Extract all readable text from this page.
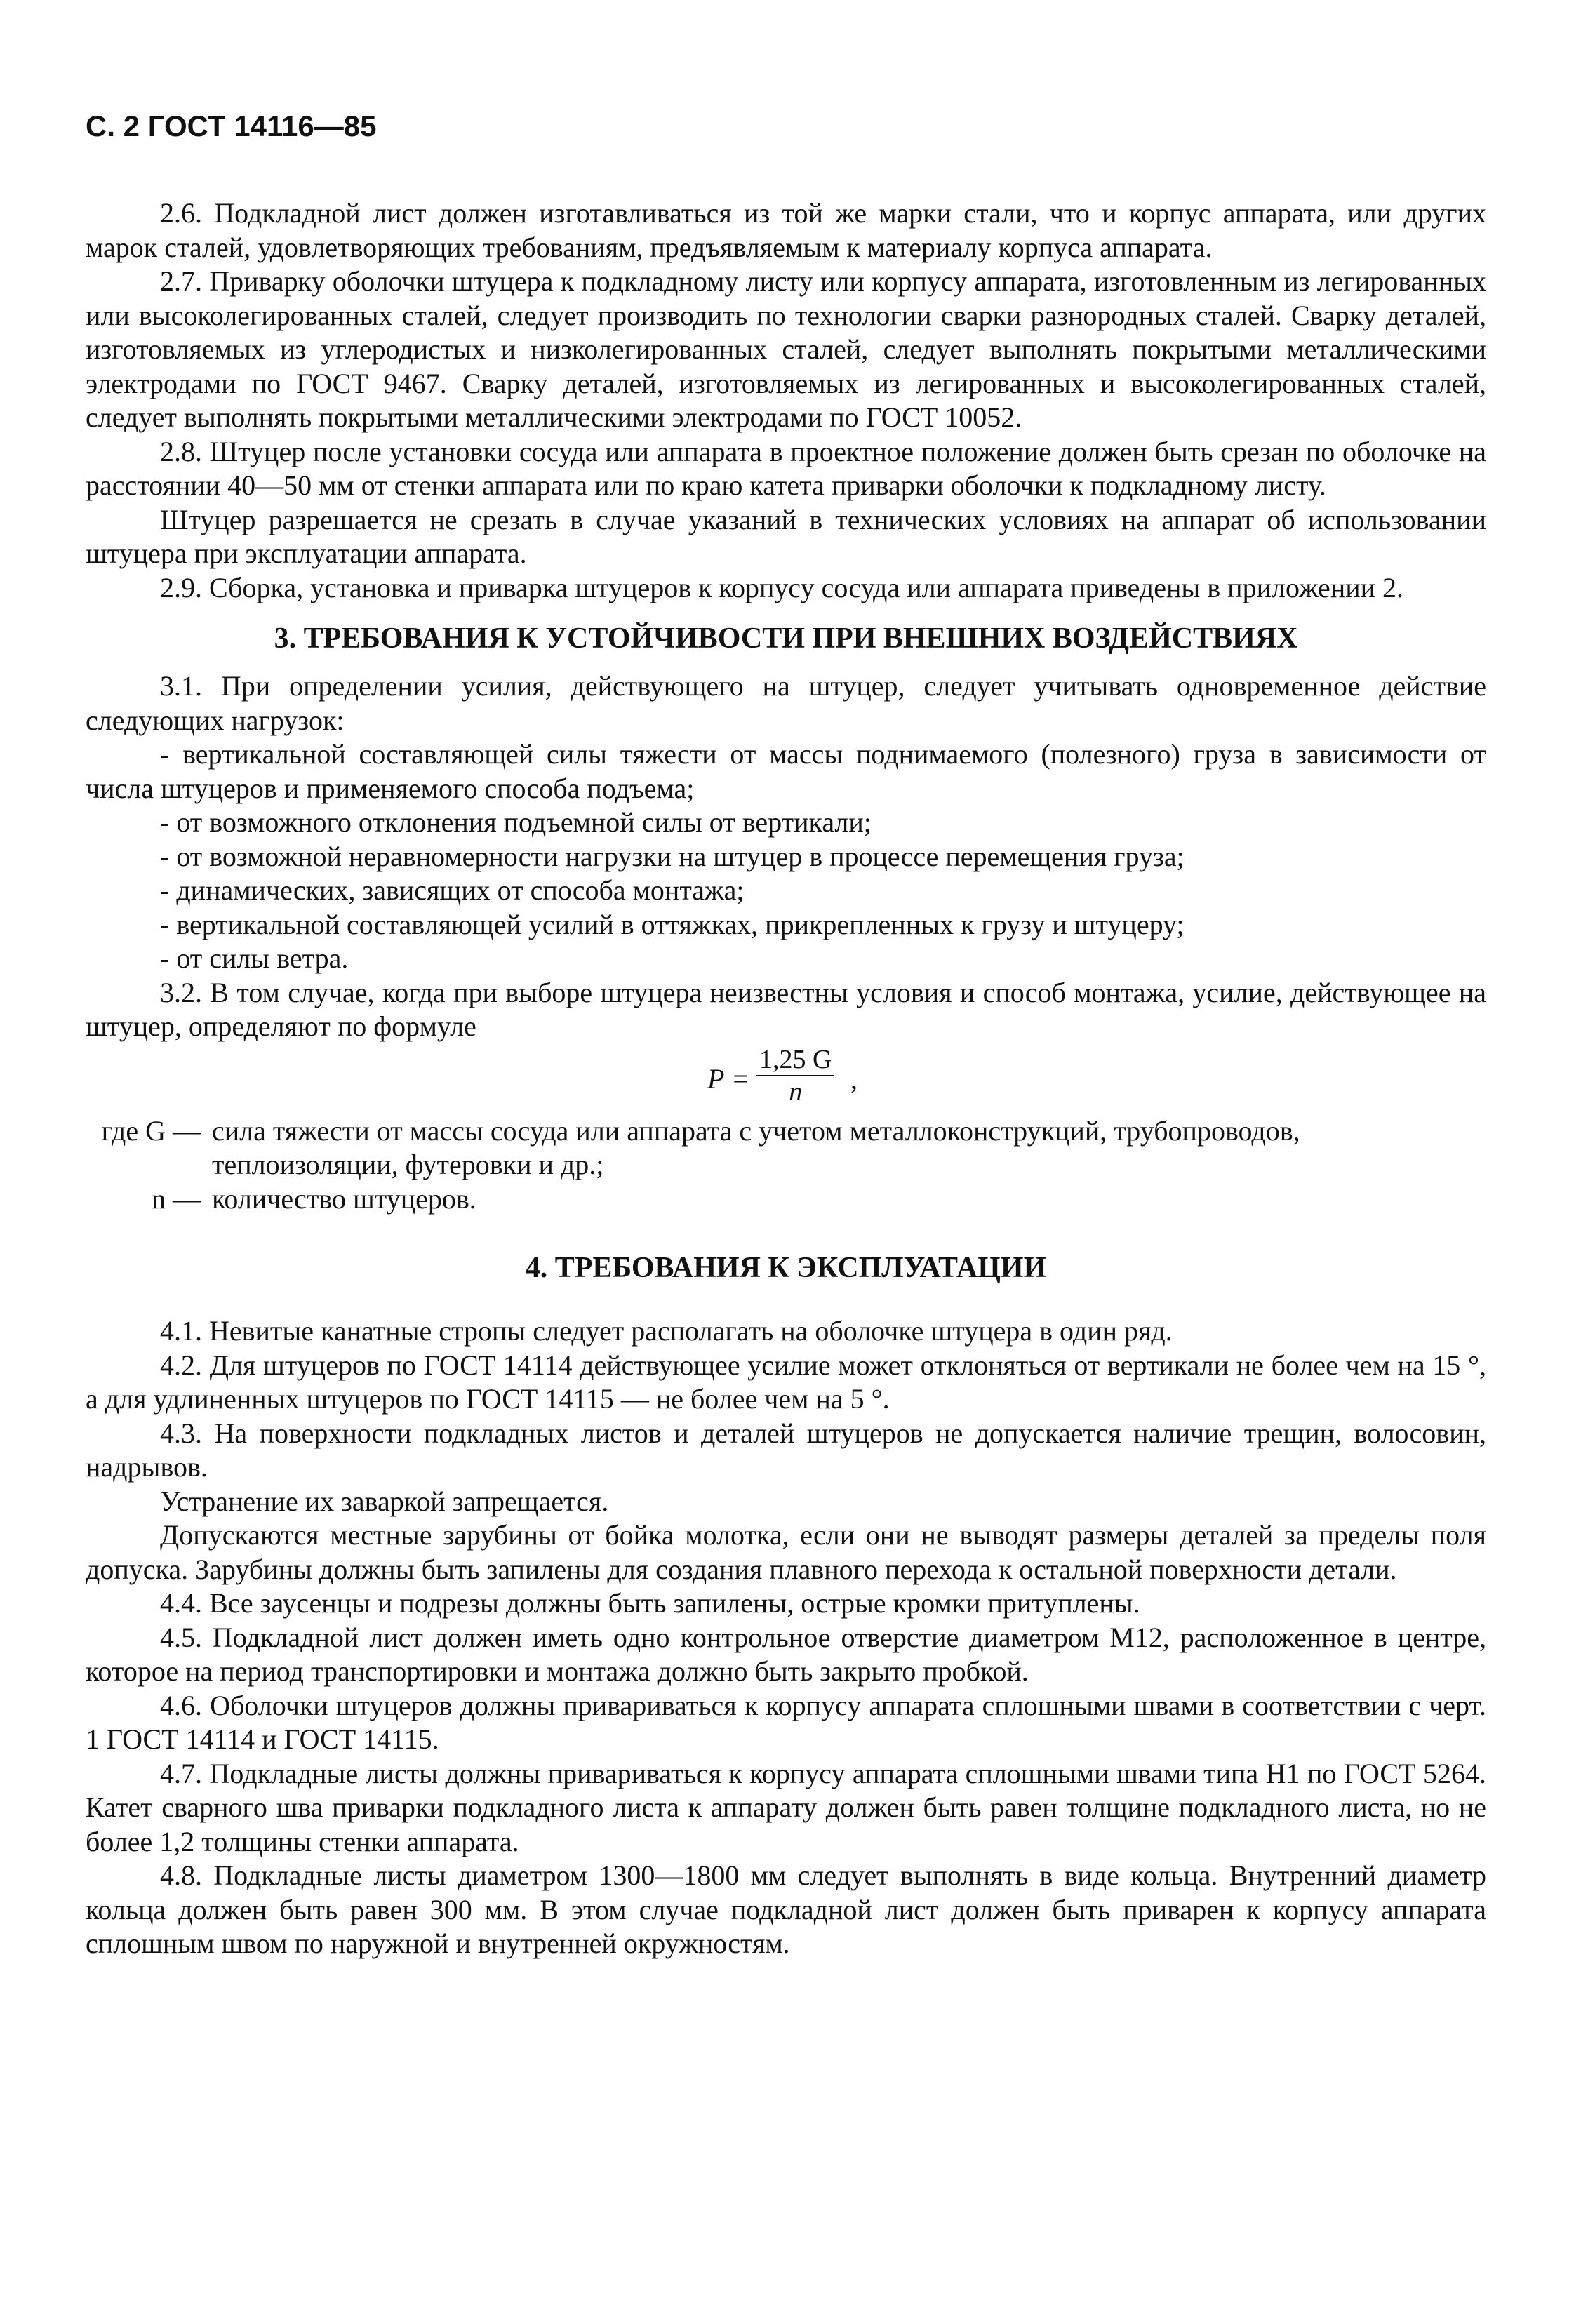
С. 2 ГОСТ 14116—85

2.6. Подкладной лист должен изготавливаться из той же марки стали, что и корпус аппарата, или других марок сталей, удовлетворяющих требованиям, предъявляемым к материалу корпуса аппарата.

2.7. Приварку оболочки штуцера к подкладному листу или корпусу аппарата, изготовленным из легированных или высоколегированных сталей, следует производить по технологии сварки разнородных сталей. Сварку деталей, изготовляемых из углеродистых и низколегированных сталей, следует выполнять покрытыми металлическими электродами по ГОСТ 9467. Сварку деталей, изготовляемых из легированных и высоколегированных сталей, следует выполнять покрытыми металлическими электродами по ГОСТ 10052.

2.8. Штуцер после установки сосуда или аппарата в проектное положение должен быть срезан по оболочке на расстоянии 40—50 мм от стенки аппарата или по краю катета приварки оболочки к подкладному листу.

Штуцер разрешается не срезать в случае указаний в технических условиях на аппарат об использовании штуцера при эксплуатации аппарата.

2.9. Сборка, установка и приварка штуцеров к корпусу сосуда или аппарата приведены в приложении 2.

3. ТРЕБОВАНИЯ К УСТОЙЧИВОСТИ ПРИ ВНЕШНИХ ВОЗДЕЙСТВИЯХ

3.1. При определении усилия, действующего на штуцер, следует учитывать одновременное действие следующих нагрузок:

- вертикальной составляющей силы тяжести от массы поднимаемого (полезного) груза в зависимости от числа штуцеров и применяемого способа подъема;

- от возможного отклонения подъемной силы от вертикали;

- от возможной неравномерности нагрузки на штуцер в процессе перемещения груза;

- динамических, зависящих от способа монтажа;

- вертикальной составляющей усилий в оттяжках, прикрепленных к грузу и штуцеру;

- от силы ветра.

3.2. В том случае, когда при выборе штуцера неизвестны условия и способ монтажа, усилие, действующее на штуцер, определяют по формуле

$P = \frac{1,25 G}{n}$ ,
где G — сила тяжести от массы сосуда или аппарата с учетом металлоконструкций, трубопроводов, теплоизоляции, футеровки и др.;
n — количество штуцеров.
4. ТРЕБОВАНИЯ К ЭКСПЛУАТАЦИИ

4.1. Невитые канатные стропы следует располагать на оболочке штуцера в один ряд.

4.2. Для штуцеров по ГОСТ 14114 действующее усилие может отклоняться от вертикали не более чем на 15 °, а для удлиненных штуцеров по ГОСТ 14115 — не более чем на 5 °.

4.3. На поверхности подкладных листов и деталей штуцеров не допускается наличие трещин, волосовин, надрывов.

Устранение их заваркой запрещается.

Допускаются местные зарубины от бойка молотка, если они не выводят размеры деталей за пределы поля допуска. Зарубины должны быть запилены для создания плавного перехода к остальной поверхности детали.

4.4. Все заусенцы и подрезы должны быть запилены, острые кромки притуплены.

4.5. Подкладной лист должен иметь одно контрольное отверстие диаметром М12, расположенное в центре, которое на период транспортировки и монтажа должно быть закрыто пробкой.

4.6. Оболочки штуцеров должны привариваться к корпусу аппарата сплошными швами в соответствии с черт. 1 ГОСТ 14114 и ГОСТ 14115.

4.7. Подкладные листы должны привариваться к корпусу аппарата сплошными швами типа Н1 по ГОСТ 5264. Катет сварного шва приварки подкладного листа к аппарату должен быть равен толщине подкладного листа, но не более 1,2 толщины стенки аппарата.

4.8. Подкладные листы диаметром 1300—1800 мм следует выполнять в виде кольца. Внутренний диаметр кольца должен быть равен 300 мм. В этом случае подкладной лист должен быть приварен к корпусу аппарата сплошным швом по наружной и внутренней окружностям.
